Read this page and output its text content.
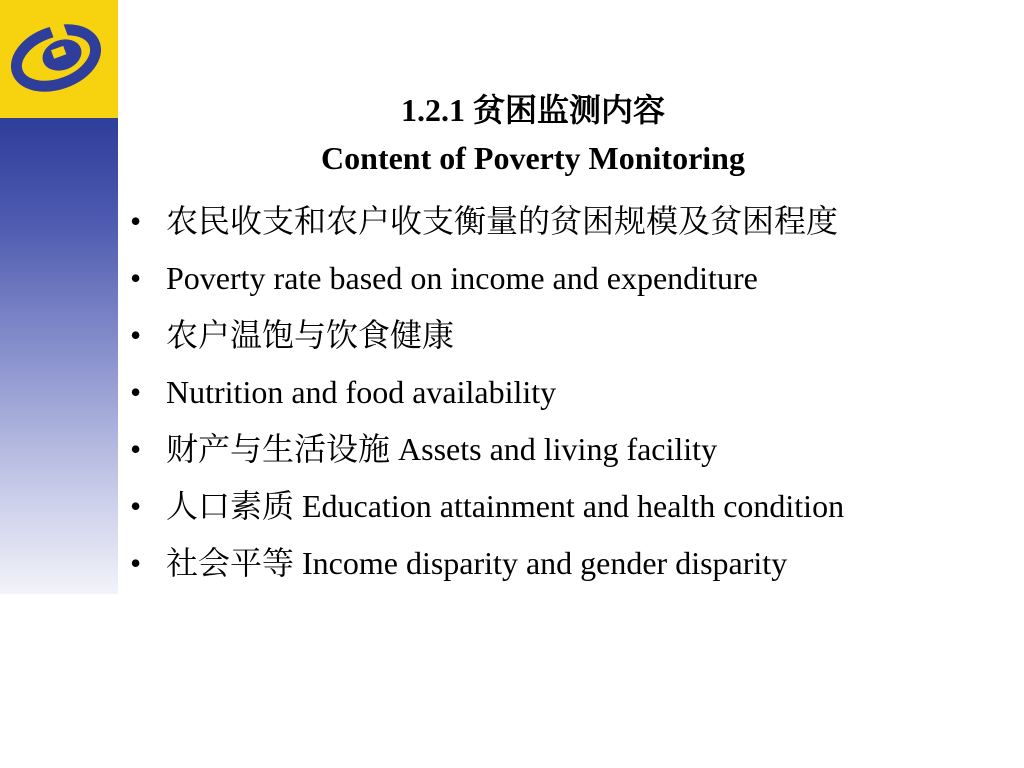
1.2.1 贫困监测内容
Content of Poverty Monitoring
• 农民收支和农户收支衡量的贫困规模及贫困程度
• Poverty rate based on income and expenditure
• 农户温饱与饮食健康
• Nutrition and food availability
• 财产与生活设施 Assets and living facility
• 人口素质 Education attainment and health condition
• 社会平等 Income disparity and gender disparity
